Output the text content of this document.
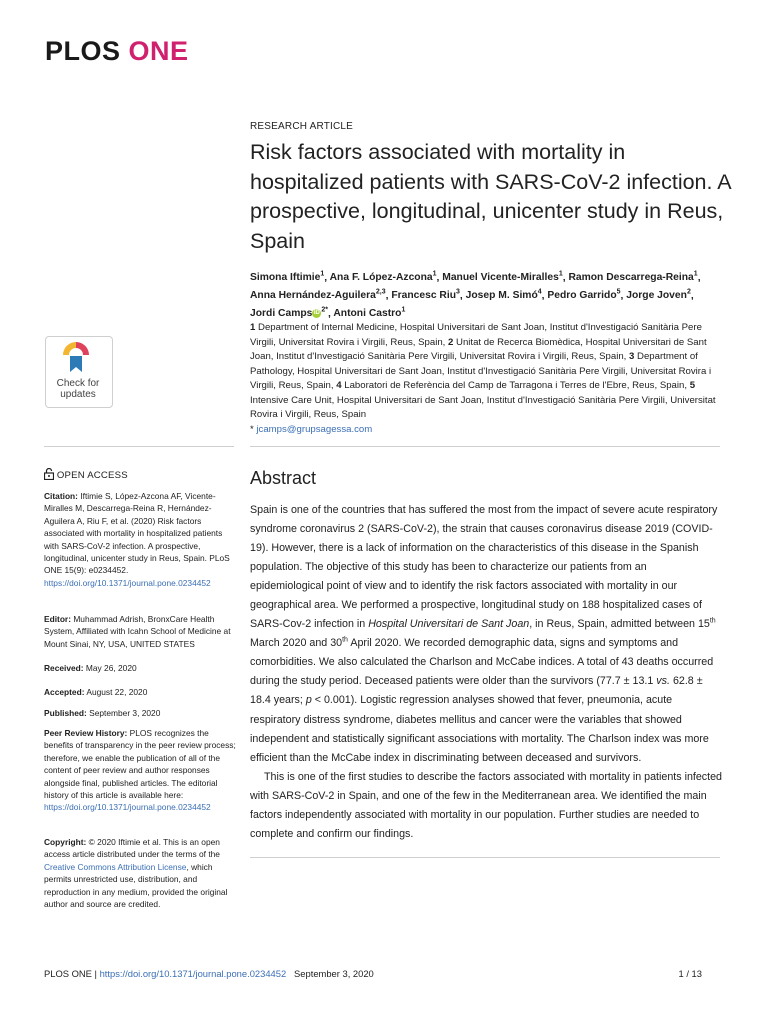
PLOS ONE
RESEARCH ARTICLE
Risk factors associated with mortality in hospitalized patients with SARS-CoV-2 infection. A prospective, longitudinal, unicenter study in Reus, Spain
Simona Iftimie$^1$, Ana F. López-Azcona$^1$, Manuel Vicente-Miralles$^1$, Ramon Descarrega-Reina$^1$, Anna Hernández-Aguilera$^{2,3}$, Francesc Riu$^3$, Josep M. Simó$^4$, Pedro Garrido$^5$, Jorge Joven$^2$, Jordi Camps iD $^{2*}$, Antoni Castro$^1$
1 Department of Internal Medicine, Hospital Universitari de Sant Joan, Institut d'Investigació Sanitària Pere Virgili, Universitat Rovira i Virgili, Reus, Spain, 2 Unitat de Recerca Biomèdica, Hospital Universitari de Sant Joan, Institut d'Investigació Sanitària Pere Virgili, Universitat Rovira i Virgili, Reus, Spain, 3 Department of Pathology, Hospital Universitari de Sant Joan, Institut d'Investigació Sanitària Pere Virgili, Universitat Rovira i Virgili, Reus, Spain, 4 Laboratori de Referència del Camp de Tarragona i Terres de l'Ebre, Reus, Spain, 5 Intensive Care Unit, Hospital Universitari de Sant Joan, Institut d'Investigació Sanitària Pere Virgili, Universitat Rovira i Virgili, Reus, Spain
* jcamps@grupsagessa.com
Check for
updates
OPEN ACCESS
Citation: Iftimie S, López-Azcona AF, Vicente-Miralles M, Descarrega-Reina R, Hernández-Aguilera A, Riu F, et al. (2020) Risk factors associated with mortality in hospitalized patients with SARS-CoV-2 infection. A prospective, longitudinal, unicenter study in Reus, Spain. PLoS ONE 15(9): e0234452. https://doi.org/10.1371/journal.pone.0234452
Editor: Muhammad Adrish, BronxCare Health System, Affiliated with Icahn School of Medicine at Mount Sinai, NY, USA, UNITED STATES
Received: May 26, 2020
Accepted: August 22, 2020
Published: September 3, 2020
Peer Review History: PLOS recognizes the benefits of transparency in the peer review process; therefore, we enable the publication of all of the content of peer review and author responses alongside final, published articles. The editorial history of this article is available here: https://doi.org/10.1371/journal.pone.0234452
Copyright: © 2020 Iftimie et al. This is an open access article distributed under the terms of the Creative Commons Attribution License, which permits unrestricted use, distribution, and reproduction in any medium, provided the original author and source are credited.
Abstract

Spain is one of the countries that has suffered the most from the impact of severe acute respiratory syndrome coronavirus 2 (SARS-CoV-2), the strain that causes coronavirus disease 2019 (COVID-19). However, there is a lack of information on the characteristics of this disease in the Spanish population. The objective of this study has been to characterize our patients from an epidemiological point of view and to identify the risk factors associated with mortality in our geographical area. We performed a prospective, longitudinal study on 188 hospitalized cases of SARS-Cov-2 infection in Hospital Universitari de Sant Joan, in Reus, Spain, admitted between 15th March 2020 and 30th April 2020. We recorded demographic data, signs and symptoms and comorbidities. We also calculated the Charlson and McCabe indices. A total of 43 deaths occurred during the study period. Deceased patients were older than the survivors (77.7 ± 13.1 vs. 62.8 ± 18.4 years; p < 0.001). Logistic regression analyses showed that fever, pneumonia, acute respiratory distress syndrome, diabetes mellitus and cancer were the variables that showed independent and statistically significant associations with mortality. The Charlson index was more efficient than the McCabe index in discriminating between deceased and survivors.

This is one of the first studies to describe the factors associated with mortality in patients infected with SARS-CoV-2 in Spain, and one of the few in the Mediterranean area. We identified the main factors independently associated with mortality in our population. Further studies are needed to complete and confirm our findings.

PLOS ONE | https://doi.org/10.1371/journal.pone.0234452 September 3, 2020	1 / 13
